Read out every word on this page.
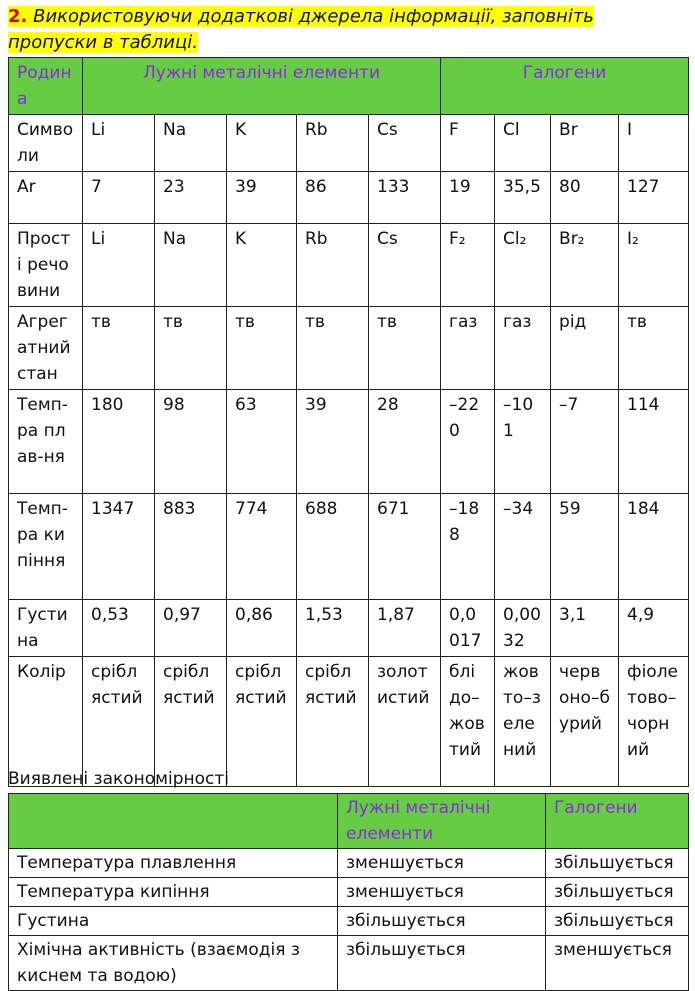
2. Використовуючи додаткові джерела інформації, заповніть пропуски в таблиці.
Родина	Лужні металічні елементи					Галогени			
Символи	Li	Na	K	Rb	Cs	F	Cl	Br	I
Ar	7	23	39	86	133	19	35,5	80	127
Прості речовини	Li	Na	K	Rb	Cs	F₂	Cl₂	Br₂	I₂
Агрегатний стан	тв	тв	тв	тв	тв	газ	газ	рід	тв
Темп-ра плав-ня	180	98	63	39	28	–220	–101	–7	114
Темп-ра кипіння	1347	883	774	688	671	–188	–34	59	184
Густина	0,53	0,97	0,86	1,53	1,87	0,0017	0,0032	3,1	4,9
Колір	сріблястий	сріблястий	сріблястий	сріблястий	золотистий	блідо–жовтий	жовто–зелений	червоно–бурий	фіолетово–чорний
Виявлені закономірності
	Лужні металічні елементи	Галогени
Температура плавлення	зменшується	збільшується
Температура кипіння	зменшується	збільшується
Густина	збільшується	збільшується
Хімічна активність (взаємодія з киснем та водою)	збільшується	зменшується
